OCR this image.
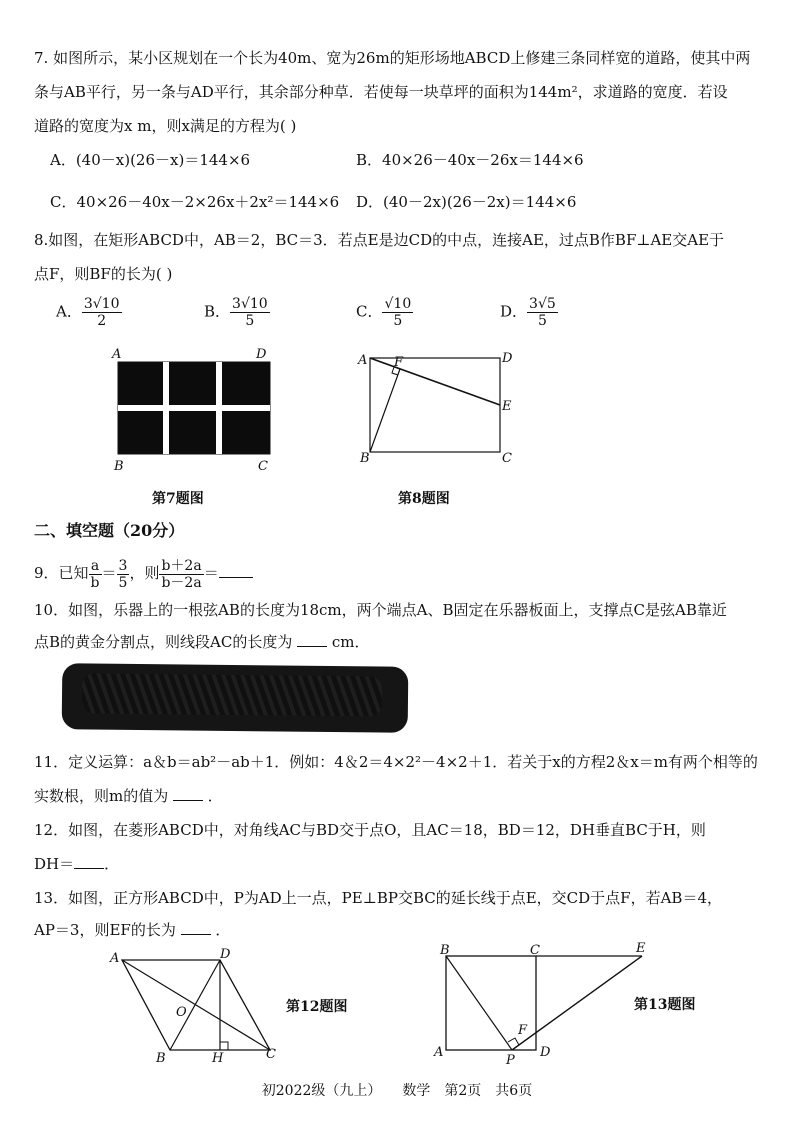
7. 如图所示，某小区规划在一个长为40m、宽为26m的矩形场地ABCD上修建三条同样宽的道路，使其中两
条与AB平行，另一条与AD平行，其余部分种草．若使每一块草坪的面积为144m²，求道路的宽度．若设
道路的宽度为x m，则x满足的方程为( )
A．(40－x)(26－x)＝144×6	B．40×26－40x－26x＝144×6
C．40×26－40x－2×26x＋2x²＝144×6 D．(40－2x)(26－2x)＝144×6
8.如图，在矩形ABCD中，AB＝2，BC＝3．若点E是边CD的中点，连接AE，过点B作BF⊥AE交AE于
点F，则BF的长为( )
A． $\frac{3√10}{2}$	B． $\frac{3√10}{5}$	C． $\frac{√10}{5}$	D． $\frac{3√5}{5}$
A	D
B	C
第7题图
A	D
F
E
B	C
第8题图
二、填空题（20分）
9．已知 $\frac{a}{b} = \frac{3}{5}$ ，则 $\frac{b+2a}{b-2a}$ ＝
10．如图，乐器上的一根弦AB的长度为18cm，两个端点A、B固定在乐器板面上，支撑点C是弦AB靠近
点B的黄金分割点，则线段AC的长度为	cm．
11．定义运算：a＆b＝ab²－ab＋1．例如：4＆2＝4×2²－4×2＋1．若关于x的方程2＆x＝m有两个相等的
实数根，则m的值为	．
12．如图，在菱形ABCD中，对角线AC与BD交于点O，且AC＝18，BD＝12，DH垂直BC于H，则
DH＝ ．
13．如图，正方形ABCD中，P为AD上一点，PE⊥BP交BC的延长线于点E，交CD于点F，若AB＝4，
AP＝3，则EF的长为	．
A	D
O
B	H	C
第12题图
B	C	E
F
A
P
D
第13题图
初2022级（九上）　　数学　第2页　共6页
